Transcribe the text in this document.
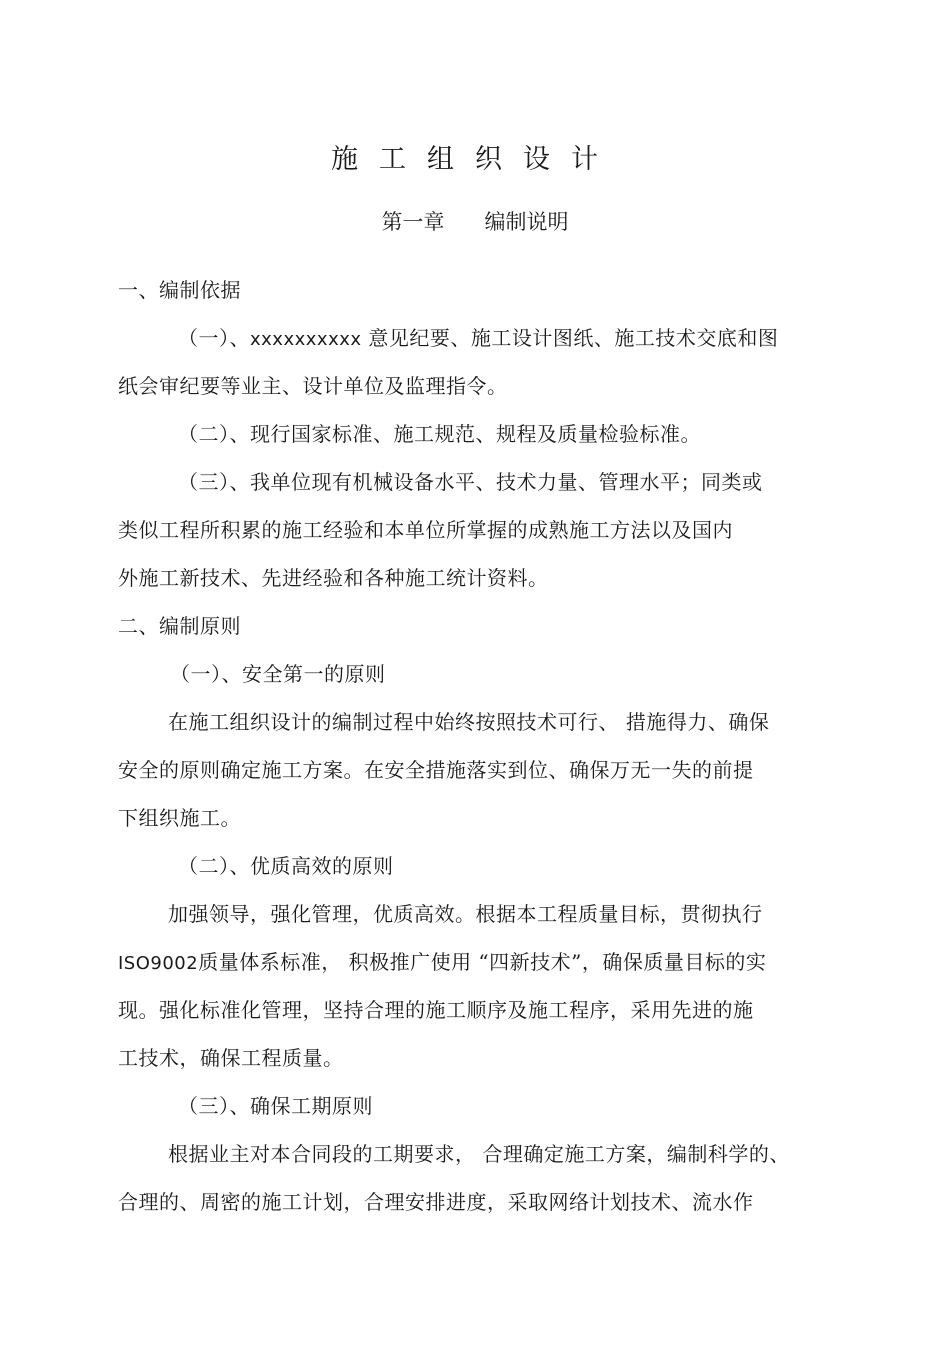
施工组织设计
第一章      编制说明
一、编制依据
（一）、xxxxxxxxxx 意见纪要、施工设计图纸、施工技术交底和图
纸会审纪要等业主、设计单位及监理指令。
（二）、现行国家标准、施工规范、规程及质量检验标准。
（三）、我单位现有机械设备水平、技术力量、管理水平；同类或
类似工程所积累的施工经验和本单位所掌握的成熟施工方法以及国内
外施工新技术、先进经验和各种施工统计资料。
二、编制原则
（一）、安全第一的原则
在施工组织设计的编制过程中始终按照技术可行、 措施得力、确保
安全的原则确定施工方案。在安全措施落实到位、确保万无一失的前提
下组织施工。
（二）、优质高效的原则
加强领导，强化管理，优质高效。根据本工程质量目标，贯彻执行
ISO9002质量体系标准， 积极推广使用 “四新技术”，确保质量目标的实
现。强化标准化管理，坚持合理的施工顺序及施工程序，采用先进的施
工技术，确保工程质量。
（三）、确保工期原则
根据业主对本合同段的工期要求， 合理确定施工方案，编制科学的、
合理的、周密的施工计划，合理安排进度，采取网络计划技术、流水作
